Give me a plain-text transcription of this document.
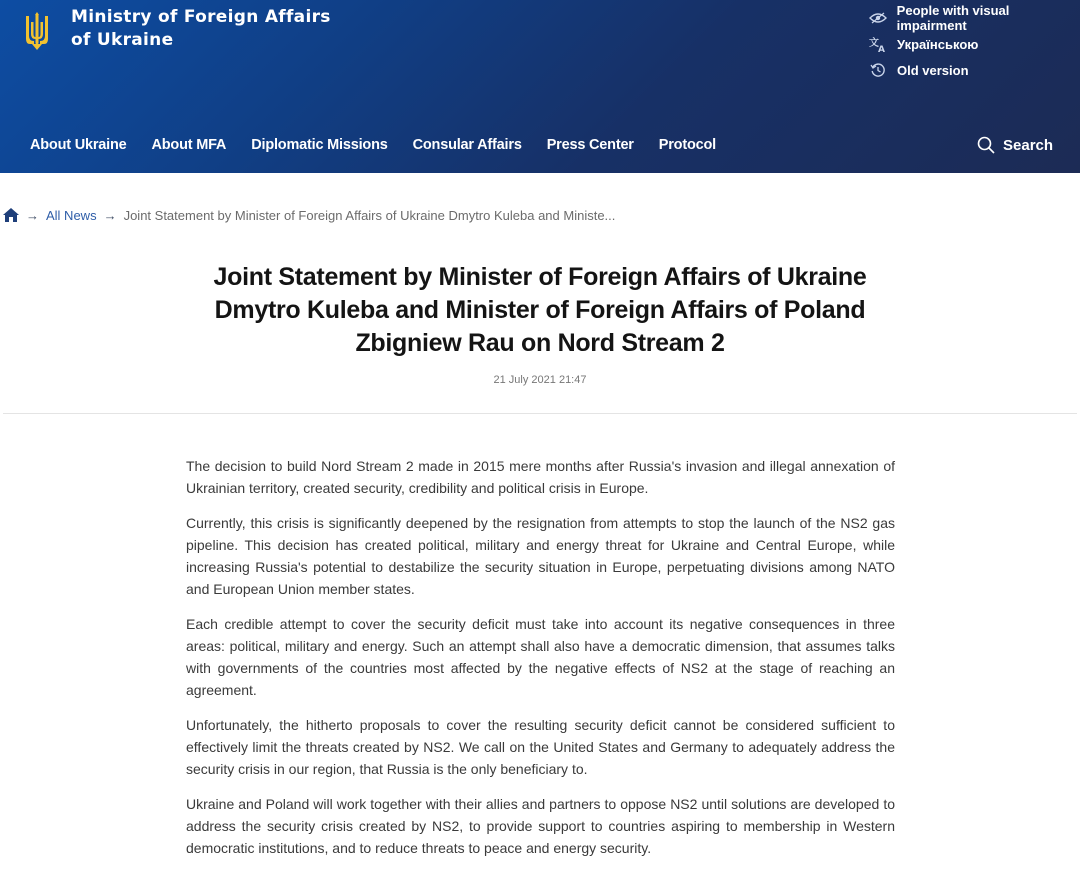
Ministry of Foreign Affairs of Ukraine
People with visual impairment
文
A Українською
Old version
About Ukraine About MFA Diplomatic Missions Consular Affairs Press Center Protocol	Search
→ All News → Joint Statement by Minister of Foreign Affairs of Ukraine Dmytro Kuleba and Ministe...
Joint Statement by Minister of Foreign Affairs of Ukraine Dmytro Kuleba and Minister of Foreign Affairs of Poland Zbigniew Rau on Nord Stream 2
21 July 2021 21:47

The decision to build Nord Stream 2 made in 2015 mere months after Russia's invasion and illegal annexation of Ukrainian territory, created security, credibility and political crisis in Europe.

Currently, this crisis is significantly deepened by the resignation from attempts to stop the launch of the NS2 gas pipeline. This decision has created political, military and energy threat for Ukraine and Central Europe, while increasing Russia's potential to destabilize the security situation in Europe, perpetuating divisions among NATO and European Union member states.

Each credible attempt to cover the security deficit must take into account its negative consequences in three areas: political, military and energy. Such an attempt shall also have a democratic dimension, that assumes talks with governments of the countries most affected by the negative effects of NS2 at the stage of reaching an agreement.

Unfortunately, the hitherto proposals to cover the resulting security deficit cannot be considered sufficient to effectively limit the threats created by NS2. We call on the United States and Germany to adequately address the security crisis in our region, that Russia is the only beneficiary to.

Ukraine and Poland will work together with their allies and partners to oppose NS2 until solutions are developed to address the security crisis created by NS2, to provide support to countries aspiring to membership in Western democratic institutions, and to reduce threats to peace and energy security.
